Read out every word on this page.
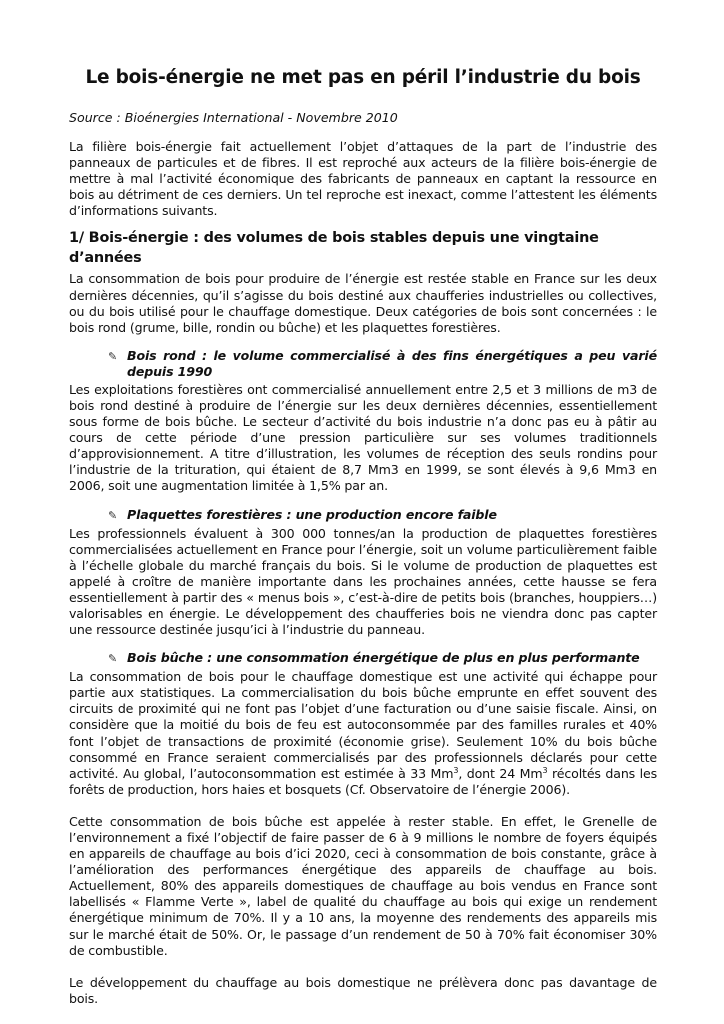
Le bois-énergie ne met pas en péril l’industrie du bois
Source : Bioénergies International - Novembre 2010

La filière bois-énergie fait actuellement l’objet d’attaques de la part de l’industrie des panneaux de particules et de fibres. Il est reproché aux acteurs de la filière bois-énergie de mettre à mal l’activité économique des fabricants de panneaux en captant la ressource en bois au détriment de ces derniers. Un tel reproche est inexact, comme l’attestent les éléments d’informations suivants.

1/ Bois-énergie : des volumes de bois stables depuis une vingtaine d’années

La consommation de bois pour produire de l’énergie est restée stable en France sur les deux dernières décennies, qu’il s’agisse du bois destiné aux chaufferies industrielles ou collectives, ou du bois utilisé pour le chauffage domestique. Deux catégories de bois sont concernées : le bois rond (grume, bille, rondin ou bûche) et les plaquettes forestières.

✎ Bois rond : le volume commercialisé à des fins énergétiques a peu varié depuis 1990

Les exploitations forestières ont commercialisé annuellement entre 2,5 et 3 millions de m3 de bois rond destiné à produire de l’énergie sur les deux dernières décennies, essentiellement sous forme de bois bûche. Le secteur d’activité du bois industrie n’a donc pas eu à pâtir au cours de cette période d’une pression particulière sur ses volumes traditionnels d’approvisionnement. A titre d’illustration, les volumes de réception des seuls rondins pour l’industrie de la trituration, qui étaient de 8,7 Mm3 en 1999, se sont élevés à 9,6 Mm3 en 2006, soit une augmentation limitée à 1,5% par an.

✎ Plaquettes forestières : une production encore faible

Les professionnels évaluent à 300 000 tonnes/an la production de plaquettes forestières commercialisées actuellement en France pour l’énergie, soit un volume particulièrement faible à l’échelle globale du marché français du bois. Si le volume de production de plaquettes est appelé à croître de manière importante dans les prochaines années, cette hausse se fera essentiellement à partir des « menus bois », c’est-à-dire de petits bois (branches, houppiers…) valorisables en énergie. Le développement des chaufferies bois ne viendra donc pas capter une ressource destinée jusqu’ici à l’industrie du panneau.

✎ Bois bûche : une consommation énergétique de plus en plus performante

La consommation de bois pour le chauffage domestique est une activité qui échappe pour partie aux statistiques. La commercialisation du bois bûche emprunte en effet souvent des circuits de proximité qui ne font pas l’objet d’une facturation ou d’une saisie fiscale. Ainsi, on considère que la moitié du bois de feu est autoconsommée par des familles rurales et 40% font l’objet de transactions de proximité (économie grise). Seulement 10% du bois bûche consommé en France seraient commercialisés par des professionnels déclarés pour cette activité. Au global, l’autoconsommation est estimée à 33 Mm$^3$, dont 24 Mm$^3$ récoltés dans les forêts de production, hors haies et bosquets (Cf. Observatoire de l’énergie 2006).

Cette consommation de bois bûche est appelée à rester stable. En effet, le Grenelle de l’environnement a fixé l’objectif de faire passer de 6 à 9 millions le nombre de foyers équipés en appareils de chauffage au bois d’ici 2020, ceci à consommation de bois constante, grâce à l’amélioration des performances énergétique des appareils de chauffage au bois. Actuellement, 80% des appareils domestiques de chauffage au bois vendus en France sont labellisés « Flamme Verte », label de qualité du chauffage au bois qui exige un rendement énergétique minimum de 70%. Il y a 10 ans, la moyenne des rendements des appareils mis sur le marché était de 50%. Or, le passage d’un rendement de 50 à 70% fait économiser 30% de combustible.

Le développement du chauffage au bois domestique ne prélèvera donc pas davantage de bois.
